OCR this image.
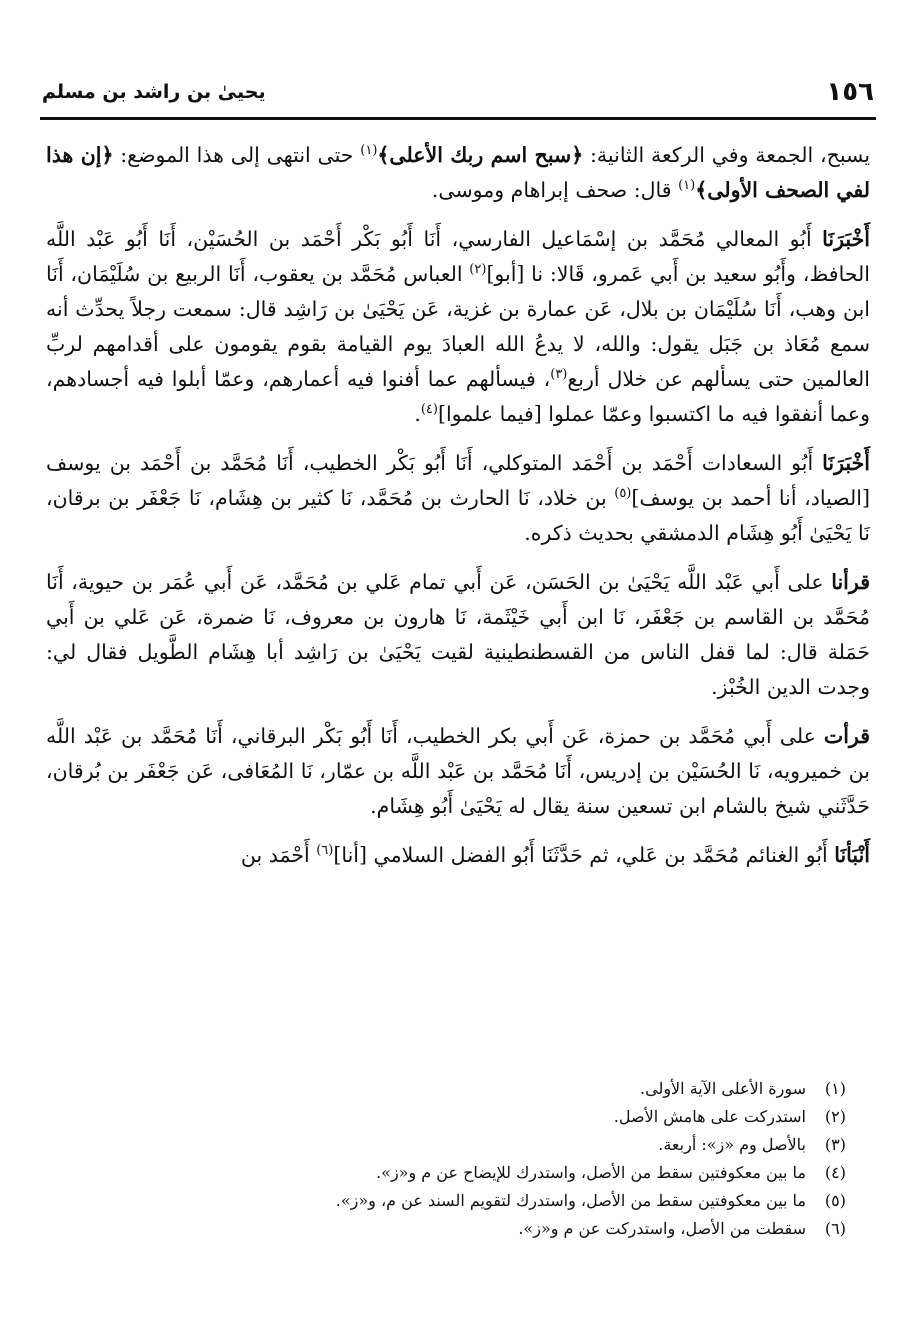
١٥٦
يحيىٰ بن راشد بن مسلم

يسبح، الجمعة وفي الركعة الثانية: ﴿سبح اسم ربك الأعلى﴾$^{(١)}$ حتى انتهى إلى هذا الموضع: ﴿إن هذا لفي الصحف الأولى﴾$^{(١)}$ قال: صحف إبراهام وموسى.

أَخْبَرَنَا أَبُو المعالي مُحَمَّد بن إسْمَاعيل الفارسي، أَنَا أَبُو بَكْر أَحْمَد بن الحُسَيْن، أَنَا أَبُو عَبْد اللَّه الحافظ، وأَبُو سعيد بن أَبي عَمرو، قَالا: نا [أبو]$^{(٢)}$ العباس مُحَمَّد بن يعقوب، أَنَا الربيع بن سُلَيْمَان، أَنَا ابن وهب، أَنَا سُلَيْمَان بن بلال، عَن عمارة بن غزية، عَن يَحْيَىٰ بن رَاشِد قال: سمعت رجلاً يحدِّث أنه سمع مُعَاذ بن جَبَل يقول: والله، لا يدعُ الله العبادَ يوم القيامة بقوم يقومون على أقدامهم لربِّ العالمين حتى يسألهم عن خلال أربع$^{(٣)}$، فيسألهم عما أفنوا فيه أعمارهم، وعمّا أبلوا فيه أجسادهم، وعما أنفقوا فيه ما اكتسبوا وعمّا عملوا [فيما علموا]$^{(٤)}$.

أَخْبَرَنَا أَبُو السعادات أَحْمَد بن أَحْمَد المتوكلي، أَنَا أَبُو بَكْر الخطيب، أَنَا مُحَمَّد بن أَحْمَد بن يوسف [الصياد، أنا أحمد بن يوسف]$^{(٥)}$ بن خلاد، نَا الحارث بن مُحَمَّد، نَا كثير بن هِشَام، نَا جَعْفَر بن برقان، نَا يَحْيَىٰ أَبُو هِشَام الدمشقي بحديث ذكره.

قرأنا على أَبي عَبْد اللَّه يَحْيَىٰ بن الحَسَن، عَن أَبي تمام عَلي بن مُحَمَّد، عَن أَبي عُمَر بن حيوية، أَنَا مُحَمَّد بن القاسم بن جَعْفَر، نَا ابن أَبي خَيْثَمة، نَا هارون بن معروف، نَا ضمرة، عَن عَلي بن أَبي حَمَلة قال: لما قفل الناس من القسطنطينية لقيت يَحْيَىٰ بن رَاشِد أبا هِشَام الطَّويل فقال لي: وجدت الدين الخُبْز.

قرأت على أَبي مُحَمَّد بن حمزة، عَن أَبي بكر الخطيب، أَنَا أَبُو بَكْر البرقاني، أَنَا مُحَمَّد بن عَبْد اللَّه بن خميرويه، نَا الحُسَيْن بن إدريس، أَنَا مُحَمَّد بن عَبْد اللَّه بن عمّار، نَا المُعَافى، عَن جَعْفَر بن بُرقان، حَدَّثَني شيخ بالشام ابن تسعين سنة يقال له يَحْيَىٰ أَبُو هِشَام.

أَنْبَأنَا أَبُو الغنائم مُحَمَّد بن عَلي، ثم حَدَّثَنَا أَبُو الفضل السلامي [أنا]$^{(٦)}$ أَحْمَد بن

(١)
سورة الأعلى الآية الأولى.
(٢)
استدركت على هامش الأصل.
(٣)
بالأصل وم «ز»: أربعة.
(٤)
ما بين معكوفتين سقط من الأصل، واستدرك للإيضاح عن م و«ز».
(٥)
ما بين معكوفتين سقط من الأصل، واستدرك لتقويم السند عن م، و«ز».
(٦)
سقطت من الأصل، واستدركت عن م و«ز».
